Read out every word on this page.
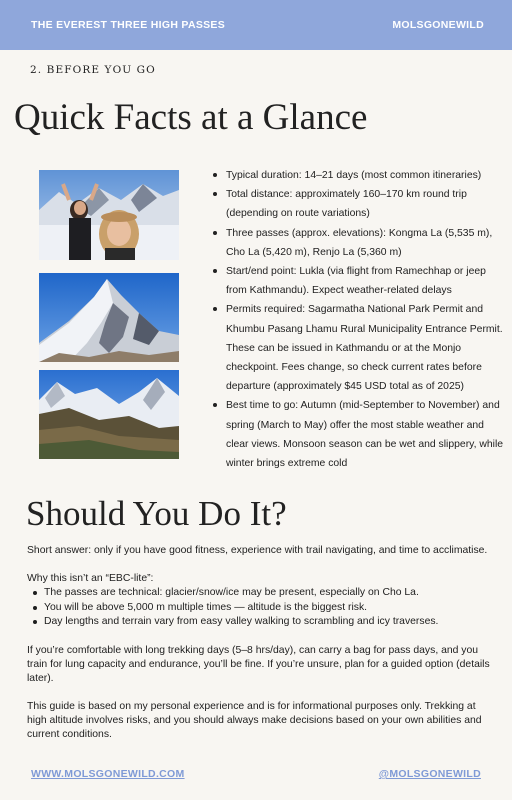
THE EVEREST THREE HIGH PASSES	MOLSGONEWILD
2. BEFORE YOU GO
Quick Facts at a Glance
Typical duration: 14–21 days (most common itineraries)
Total distance: approximately 160–170 km round trip (depending on route variations)
Three passes (approx. elevations): Kongma La (5,535 m), Cho La (5,420 m), Renjo La (5,360 m)
Start/end point: Lukla (via flight from Ramechhap or jeep from Kathmandu). Expect weather-related delays
Permits required: Sagarmatha National Park Permit and Khumbu Pasang Lhamu Rural Municipality Entrance Permit. These can be issued in Kathmandu or at the Monjo checkpoint. Fees change, so check current rates before departure (approximately $45 USD total as of 2025)
Best time to go: Autumn (mid-September to November) and spring (March to May) offer the most stable weather and clear views. Monsoon season can be wet and slippery, while winter brings extreme cold
Should You Do It?

Short answer: only if you have good fitness, experience with trail navigating, and time to acclimatise.

Why this isn’t an “EBC-lite”:

The passes are technical: glacier/snow/ice may be present, especially on Cho La.
You will be above 5,000 m multiple times — altitude is the biggest risk.
Day lengths and terrain vary from easy valley walking to scrambling and icy traverses.

If you’re comfortable with long trekking days (5–8 hrs/day), can carry a bag for pass days, and you train for lung capacity and endurance, you’ll be fine. If you’re unsure, plan for a guided option (details later).

This guide is based on my personal experience and is for informational purposes only. Trekking at high altitude involves risks, and you should always make decisions based on your own abilities and current conditions.

WWW.MOLSGONEWILD.COM	@MOLSGONEWILD
